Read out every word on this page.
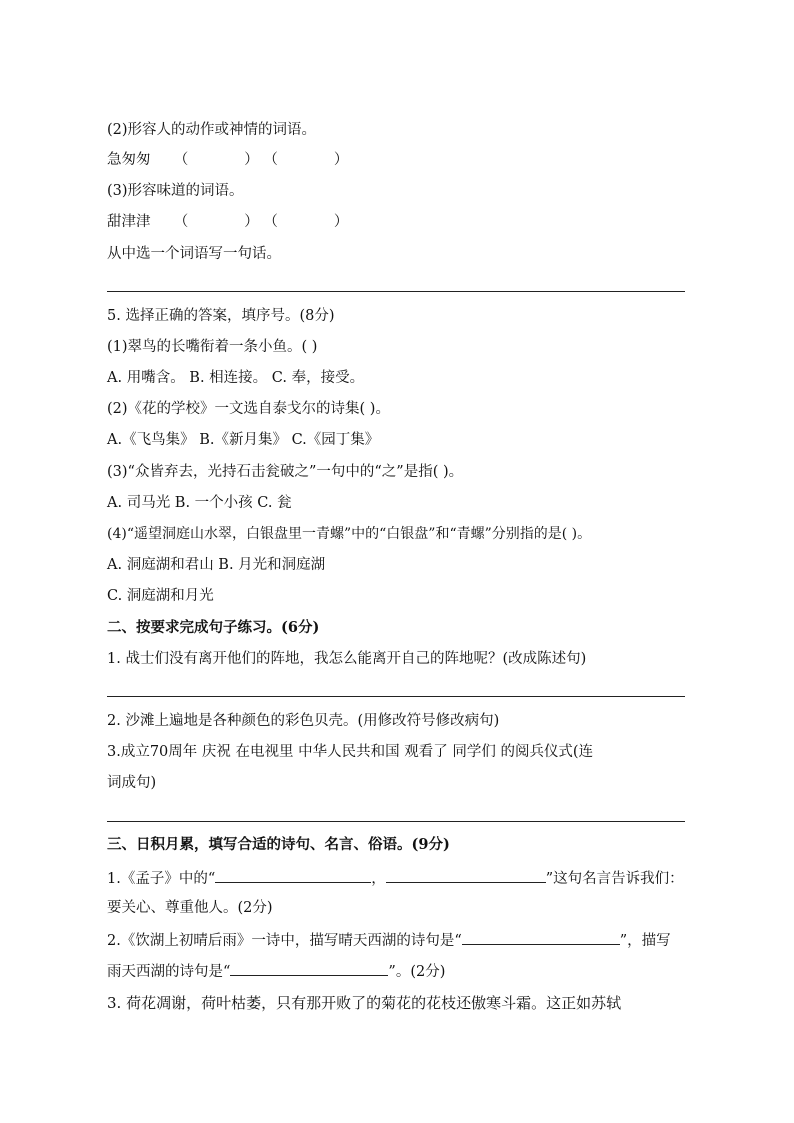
(2)形容人的动作或神情的词语。
急匆匆 （	） （	）
(3)形容味道的词语。
甜津津 （	） （	）
从中选一个词语写一句话。
5. 选择正确的答案，填序号。(8分)
(1)翠鸟的长嘴衔着一条小鱼。( )
A. 用嘴含。 B. 相连接。 C. 奉，接受。
(2)《花的学校》一文选自泰戈尔的诗集( )。
A.《飞鸟集》 B.《新月集》 C.《园丁集》
(3)“众皆弃去，光持石击瓮破之”一句中的“之”是指( )。
A. 司马光 B. 一个小孩 C. 瓮
(4)“遥望洞庭山水翠，白银盘里一青螺”中的“白银盘”和“青螺”分别指的是( )。
A. 洞庭湖和君山 B. 月光和洞庭湖
C. 洞庭湖和月光
二、按要求完成句子练习。(6分)
1. 战士们没有离开他们的阵地，我怎么能离开自己的阵地呢？(改成陈述句)
2. 沙滩上遍地是各种颜色的彩色贝壳。(用修改符号修改病句)
3.成立70周年 庆祝 在电视里 中华人民共和国 观看了 同学们 的阅兵仪式(连
词成句)
三、日积月累，填写合适的诗句、名言、俗语。(9分)
1.《孟子》中的“	，	”这句名言告诉我们：
要关心、尊重他人。(2分)
2.《饮湖上初晴后雨》一诗中，描写晴天西湖的诗句是“	”，描写
雨天西湖的诗句是“	”。(2分)
3. 荷花凋谢，荷叶枯萎，只有那开败了的菊花的花枝还傲寒斗霜。这正如苏轼
